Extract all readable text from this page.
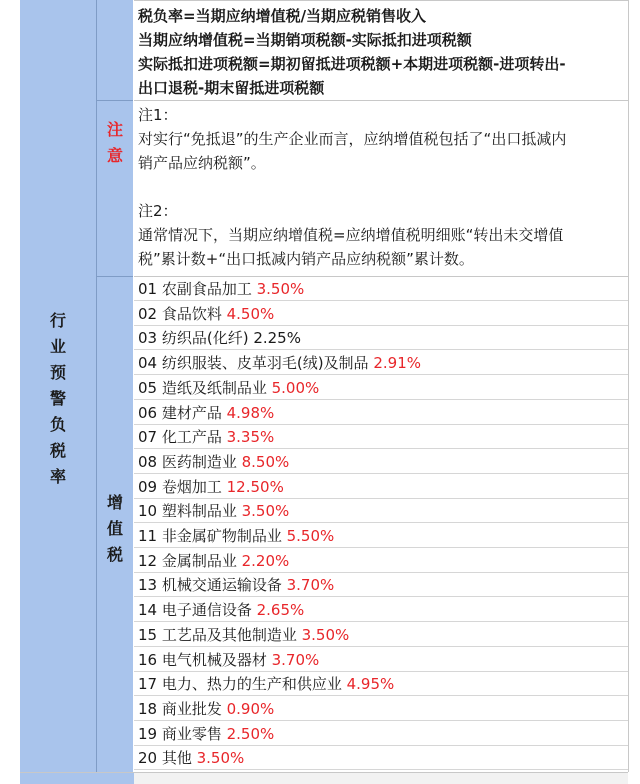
行业预警负税率
注意
增值税
税负率=当期应纳增值税/当期应税销售收入
当期应纳增值税=当期销项税额-实际抵扣进项税额
实际抵扣进项税额=期初留抵进项税额+本期进项税额-进项转出-
出口退税-期末留抵进项税额
注1：
对实行“免抵退”的生产企业而言，应纳增值税包括了“出口抵减内
销产品应纳税额”。

注2：
通常情况下，当期应纳增值税=应纳增值税明细账“转出未交增值
税”累计数+“出口抵减内销产品应纳税额”累计数。
01 农副食品加工 3.50%
02 食品饮料 4.50%
03 纺织品(化纤) 2.25%
04 纺织服装、皮革羽毛(绒)及制品 2.91%
05 造纸及纸制品业 5.00%
06 建材产品 4.98%
07 化工产品 3.35%
08 医药制造业 8.50%
09 卷烟加工 12.50%
10 塑料制品业 3.50%
11 非金属矿物制品业 5.50%
12 金属制品业 2.20%
13 机械交通运输设备 3.70%
14 电子通信设备 2.65%
15 工艺品及其他制造业 3.50%
16 电气机械及器材 3.70%
17 电力、热力的生产和供应业 4.95%
18 商业批发 0.90%
19 商业零售 2.50%
20 其他 3.50%
